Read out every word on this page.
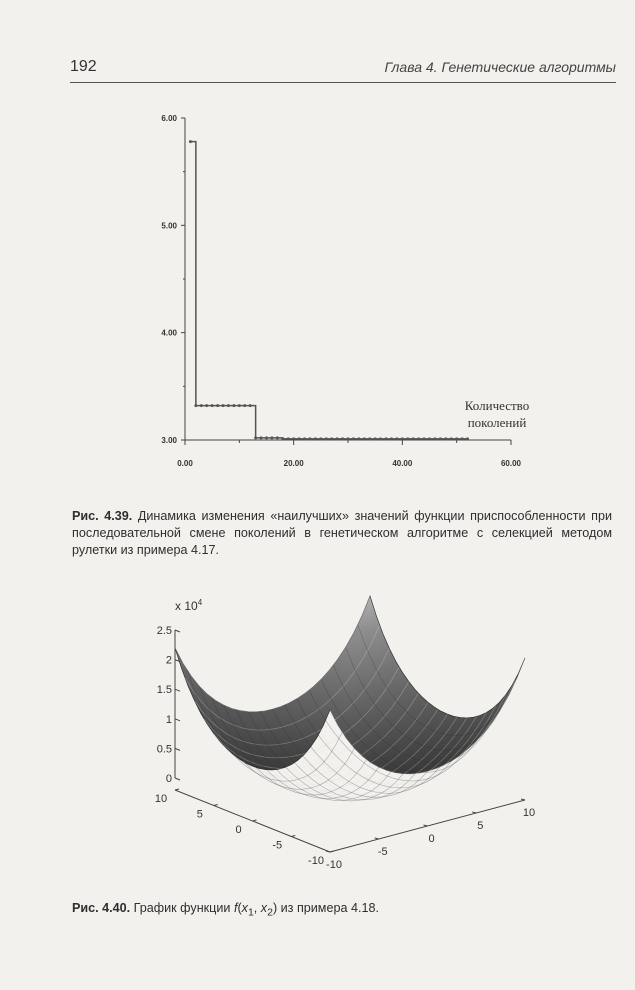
192	Глава 4. Генетические алгоритмы
3.00
4.00
5.00
6.00
0.00	20.00	40.00	60.00
Количество
поколений
Рис. 4.39. Динамика изменения «наилучших» значений функции приспособленности при последовательной смене поколений в генетическом алгоритме с селекцией методом рулетки из примера 4.17.
0
0.5
1
1.5
2
2.5
-10
-5
0
5
10
-10
-5
0
5
10
x $10^4$
Рис. 4.40. График функции $f(x_1$, $x_2$) из примера 4.18.
